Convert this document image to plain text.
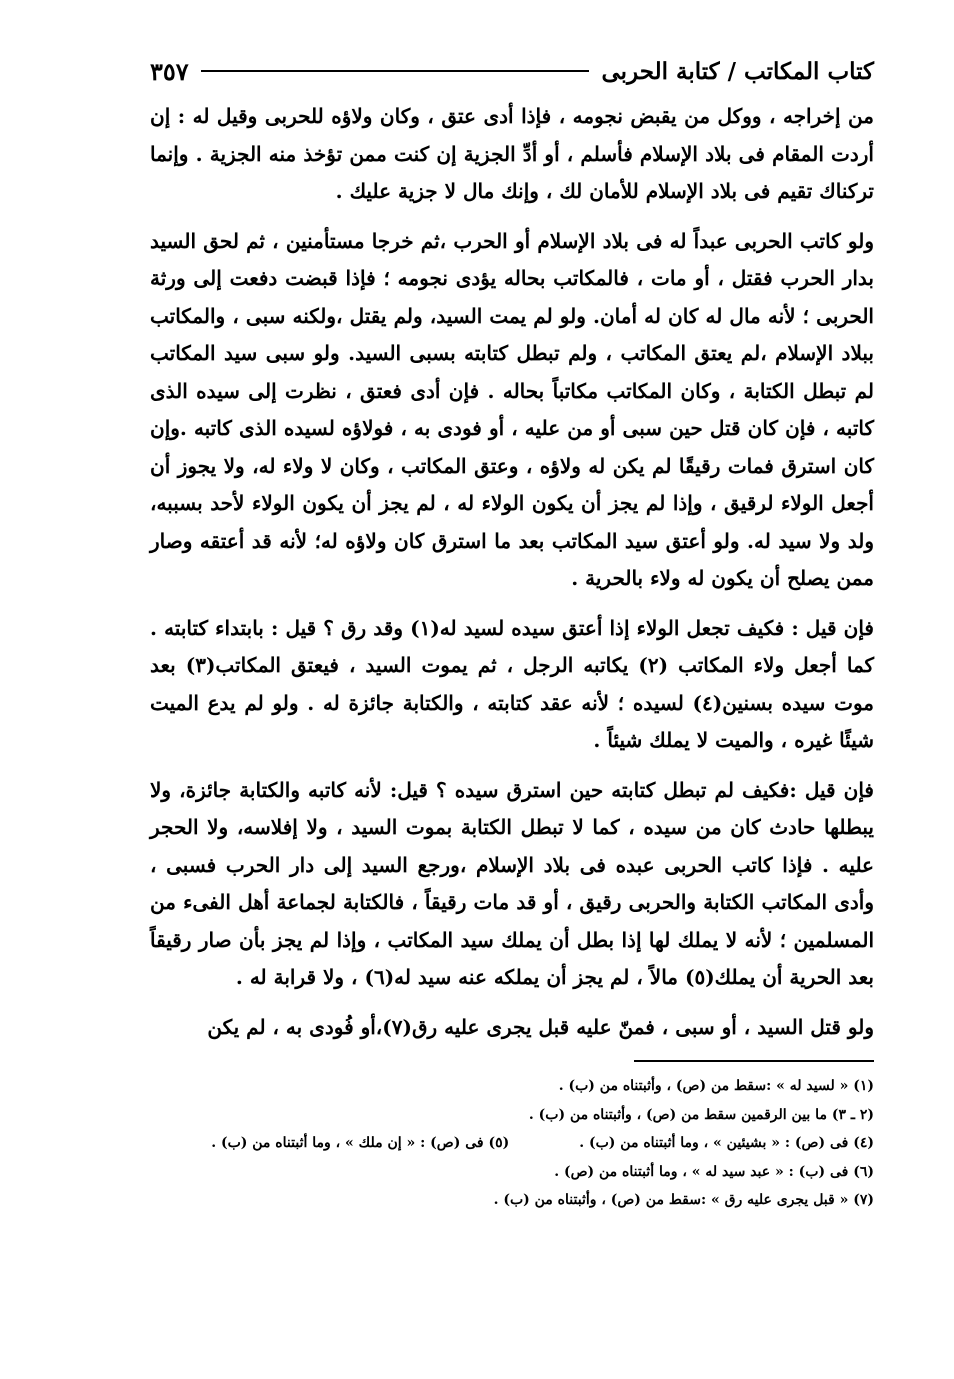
كتاب المكاتب / كتابة الحربى
٣٥٧

من إخراجه ، ووكل من يقبض نجومه ، فإذا أدى عتق ، وكان ولاؤه للحربى وقيل له : إن أردت المقام فى بلاد الإسلام فأسلم ، أو أدِّ الجزية إن كنت ممن تؤخذ منه الجزية . وإنما تركناك تقيم فى بلاد الإسلام للأمان لك ، وإنك مال لا جزية عليك .

ولو كاتب الحربى عبداً له فى بلاد الإسلام أو الحرب ،ثم خرجا مستأمنين ، ثم لحق السيد بدار الحرب فقتل ، أو مات ، فالمكاتب بحاله يؤدى نجومه ؛ فإذا قبضت دفعت إلى ورثة الحربى ؛ لأنه مال له كان له أمان. ولو لم يمت السيد، ولم يقتل ،ولكنه سبى ، والمكاتب ببلاد الإسلام ،لم يعتق المكاتب ، ولم تبطل كتابته بسبى السيد. ولو سبى سيد المكاتب لم تبطل الكتابة ، وكان المكاتب مكاتباً بحاله . فإن أدى فعتق ، نظرت إلى سيده الذى كاتبه ، فإن كان قتل حين سبى أو من عليه ، أو فودى به ، فولاؤه لسيده الذى كاتبه .وإن كان استرق فمات رقيقًا لم يكن له ولاؤه ، وعتق المكاتب ، وكان لا ولاء له، ولا يجوز أن أجعل الولاء لرقيق ، وإذا لم يجز أن يكون الولاء له ، لم يجز أن يكون الولاء لأحد بسببه، ولد ولا سيد له. ولو أعتق سيد المكاتب بعد ما استرق كان ولاؤه له؛ لأنه قد أعتقه وصار ممن يصلح أن يكون له ولاء بالحرية .

فإن قيل : فكيف تجعل الولاء إذا أعتق سيده لسيد له(١) وقد رق ؟ قيل : بابتداء كتابته . كما أجعل ولاء المكاتب (٢) يكاتبه الرجل ، ثم يموت السيد ، فيعتق المكاتب(٣) بعد موت سيده بسنين(٤) لسيده ؛ لأنه عقد كتابته ، والكتابة جائزة له . ولو لم يدع الميت شيئًا غيره ، والميت لا يملك شيئاً .

فإن قيل :فكيف لم تبطل كتابته حين استرق سيده ؟ قيل: لأنه كاتبه والكتابة جائزة، ولا يبطلها حادث كان من سيده ، كما لا تبطل الكتابة بموت السيد ، ولا إفلاسه، ولا الحجر عليه . فإذا كاتب الحربى عبده فى بلاد الإسلام ،ورجع السيد إلى دار الحرب فسبى ، وأدى المكاتب الكتابة والحربى رقيق ، أو قد مات رقيقاً ، فالكتابة لجماعة أهل الفىء من المسلمين ؛ لأنه لا يملك لها إذا بطل أن يملك سيد المكاتب ، وإذا لم يجز بأن صار رقيقاً بعد الحرية أن يملك(٥) مالاً ، لم يجز أن يملكه عنه سيد له(٦) ، ولا قرابة له .

ولو قتل السيد ، أو سبى ، فمنّ عليه قبل يجرى عليه رق(٧)،أو فُودى به ، لم يكن

(١) « لسيد له » :سقط من (ص) ، وأثبتناه من (ب) .
(٢ ـ ٣) ما بين الرقمين سقط من (ص) ، وأثبتناه من (ب) .
(٤) فى (ص) : « بشيئين » ، وما أثبتناه من (ب) .(٥) فى (ص) : « إن ملك » ، وما أثبتناه من (ب) .
(٦) فى (ب) : « عبد سيد له » ، وما أثبتناه من (ص) .
(٧) « قبل يجرى عليه رق » :سقط من (ص) ، وأثبتناه من (ب) .
